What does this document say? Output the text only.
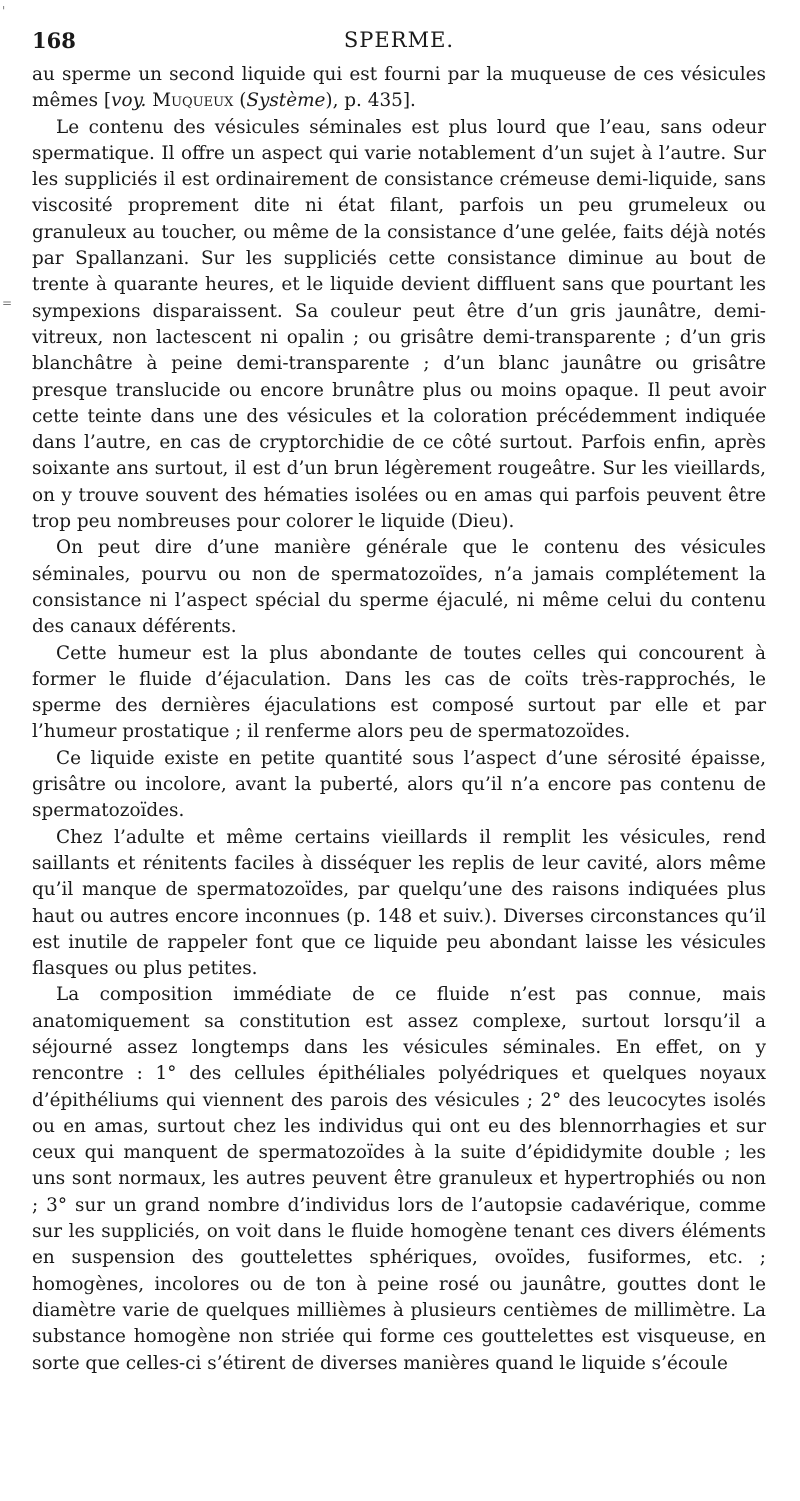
168	SPERME.
'
=

au sperme un second liquide qui est fourni par la muqueuse de ces vésicules mêmes [voy. Muqueux (Système), p. 435].

Le contenu des vésicules séminales est plus lourd que l’eau, sans odeur spermatique. Il offre un aspect qui varie notablement d’un sujet à l’autre. Sur les suppliciés il est ordinairement de consistance crémeuse demi-liquide, sans viscosité proprement dite ni état filant, parfois un peu grumeleux ou granuleux au toucher, ou même de la consistance d’une gelée, faits déjà notés par Spallanzani. Sur les suppliciés cette consistance diminue au bout de trente à quarante heures, et le liquide devient diffluent sans que pourtant les sympexions disparaissent. Sa couleur peut être d’un gris jaunâtre, demi-vitreux, non lactescent ni opalin ; ou grisâtre demi-transparente ; d’un gris blanchâtre à peine demi-transparente ; d’un blanc jaunâtre ou grisâtre presque translucide ou encore brunâtre plus ou moins opaque. Il peut avoir cette teinte dans une des vésicules et la coloration précédemment indiquée dans l’autre, en cas de cryptorchidie de ce côté surtout. Parfois enfin, après soixante ans surtout, il est d’un brun légèrement rougeâtre. Sur les vieillards, on y trouve souvent des hématies isolées ou en amas qui parfois peuvent être trop peu nombreuses pour colorer le liquide (Dieu).

On peut dire d’une manière générale que le contenu des vésicules séminales, pourvu ou non de spermatozoïdes, n’a jamais complétement la consistance ni l’aspect spécial du sperme éjaculé, ni même celui du contenu des canaux déférents.

Cette humeur est la plus abondante de toutes celles qui concourent à former le fluide d’éjaculation. Dans les cas de coïts très-rapprochés, le sperme des dernières éjaculations est composé surtout par elle et par l’humeur prostatique ; il renferme alors peu de spermatozoïdes.

Ce liquide existe en petite quantité sous l’aspect d’une sérosité épaisse, grisâtre ou incolore, avant la puberté, alors qu’il n’a encore pas contenu de spermatozoïdes.

Chez l’adulte et même certains vieillards il remplit les vésicules, rend saillants et rénitents faciles à disséquer les replis de leur cavité, alors même qu’il manque de spermatozoïdes, par quelqu’une des raisons indiquées plus haut ou autres encore inconnues (p. 148 et suiv.). Diverses circonstances qu’il est inutile de rappeler font que ce liquide peu abondant laisse les vésicules flasques ou plus petites.

La composition immédiate de ce fluide n’est pas connue, mais anatomiquement sa constitution est assez complexe, surtout lorsqu’il a séjourné assez longtemps dans les vésicules séminales. En effet, on y rencontre : 1° des cellules épithéliales polyédriques et quelques noyaux d’épithéliums qui viennent des parois des vésicules ; 2° des leucocytes isolés ou en amas, surtout chez les individus qui ont eu des blennorrhagies et sur ceux qui manquent de spermatozoïdes à la suite d’épididymite double ; les uns sont normaux, les autres peuvent être granuleux et hypertrophiés ou non ; 3° sur un grand nombre d’individus lors de l’autopsie cadavérique, comme sur les suppliciés, on voit dans le fluide homogène tenant ces divers éléments en suspension des gouttelettes sphériques, ovoïdes, fusiformes, etc. ; homogènes, incolores ou de ton à peine rosé ou jaunâtre, gouttes dont le diamètre varie de quelques millièmes à plusieurs centièmes de millimètre. La substance homogène non striée qui forme ces gouttelettes est visqueuse, en sorte que celles-ci s’étirent de diverses manières quand le liquide s’écoule
